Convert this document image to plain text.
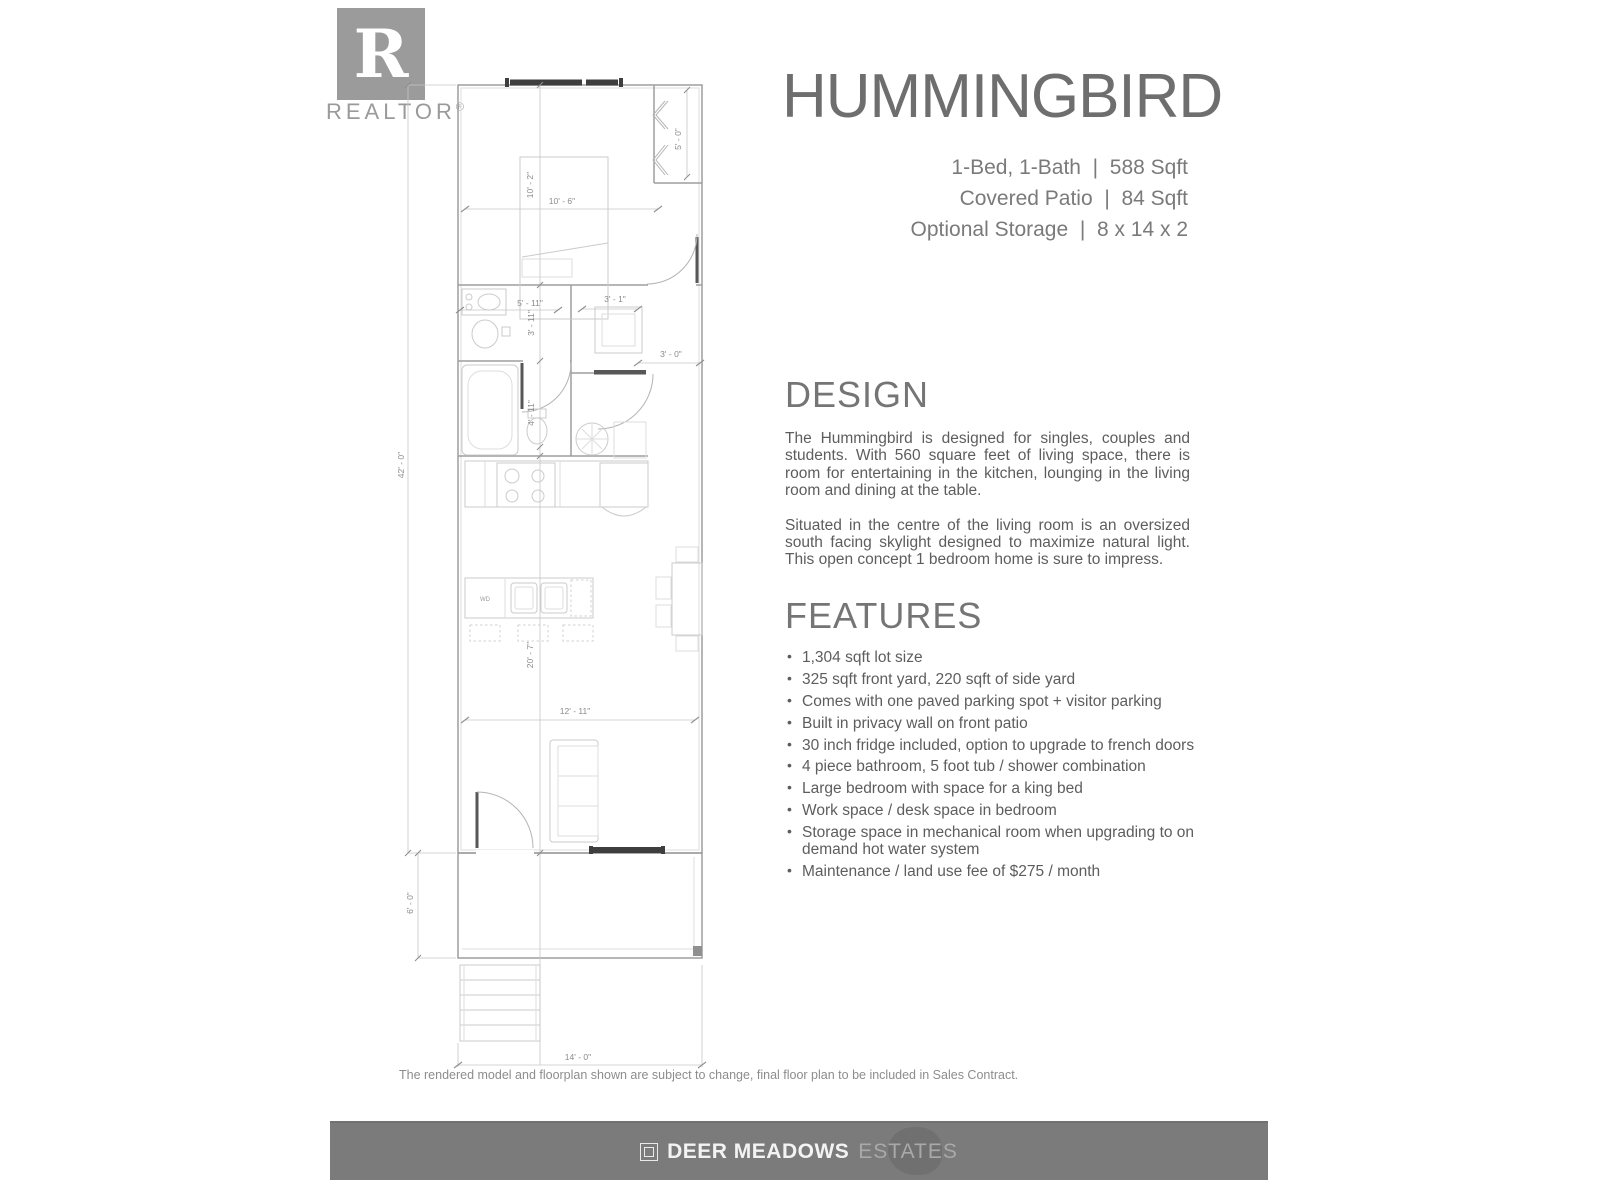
R
REALTOR®	HUMMINGBIRD
1-Bed, 1-Bath  |  588 Sqft
Covered Patio  |  84 Sqft
Optional Storage  |  8 x 14 x 2
DESIGN

The Hummingbird is designed for singles, couples and students. With 560 square feet of living space, there is room for entertaining in the kitchen, lounging in the living room and dining at the table.

Situated in the centre of the living room is an oversized south facing skylight designed to maximize natural light. This open concept 1 bedroom home is sure to impress.

FEATURES
• 1,304 sqft lot size
• 325 sqft front yard, 220 sqft of side yard
• Comes with one paved parking spot + visitor parking
• Built in privacy wall on front patio
• 30 inch fridge included, option to upgrade to french doors
• 4 piece bathroom, 5 foot tub / shower combination
• Large bedroom with space for a king bed
• Work space / desk space in bedroom
• Storage space in mechanical room when upgrading to on demand hot water system
• Maintenance / land use fee of $275 / month
10' - 6"
10' - 2"
5' - 0"
5' - 11"
3' - 11"
3' - 1"
3' - 0"
4' - 11"
20' - 7"
12' - 11"
42' - 0"
6' - 0"
14' - 0"
WD
The rendered model and floorplan shown are subject to change, final floor plan to be included in Sales Contract.
DEER MEADOWS ESTATES
